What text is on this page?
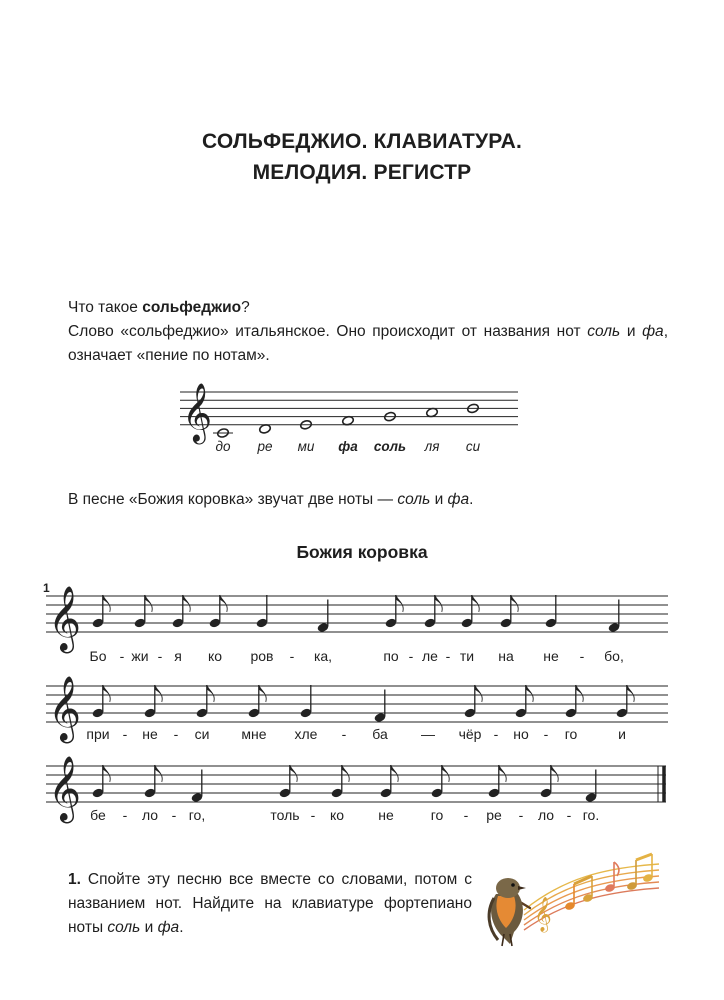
СОЛЬФЕДЖИО. КЛАВИАТУРА.
МЕЛОДИЯ. РЕГИСТР
Что такое сольфеджио?
Слово «сольфеджио» итальянское. Оно происходит от названия нот соль и фа, означает «пение по нотам».
𝄞
до ре ми фа соль ля си
В песне «Божия коровка» звучат две ноты — соль и фа.
Божия коровка
1
𝄞
Бо - жи - я ко ров - ка,	по - ле - ти на не - бо,
𝄞 при - не - си мне хле - ба — чёр - но - го	и
𝄞 бе - ло - го,	толь - ко не	го - ре - ло - го.
1. Спойте эту песню все вместе со словами, потом с названием нот. Найдите на клавиатуре фортепиано ноты соль и фа.	𝄞
